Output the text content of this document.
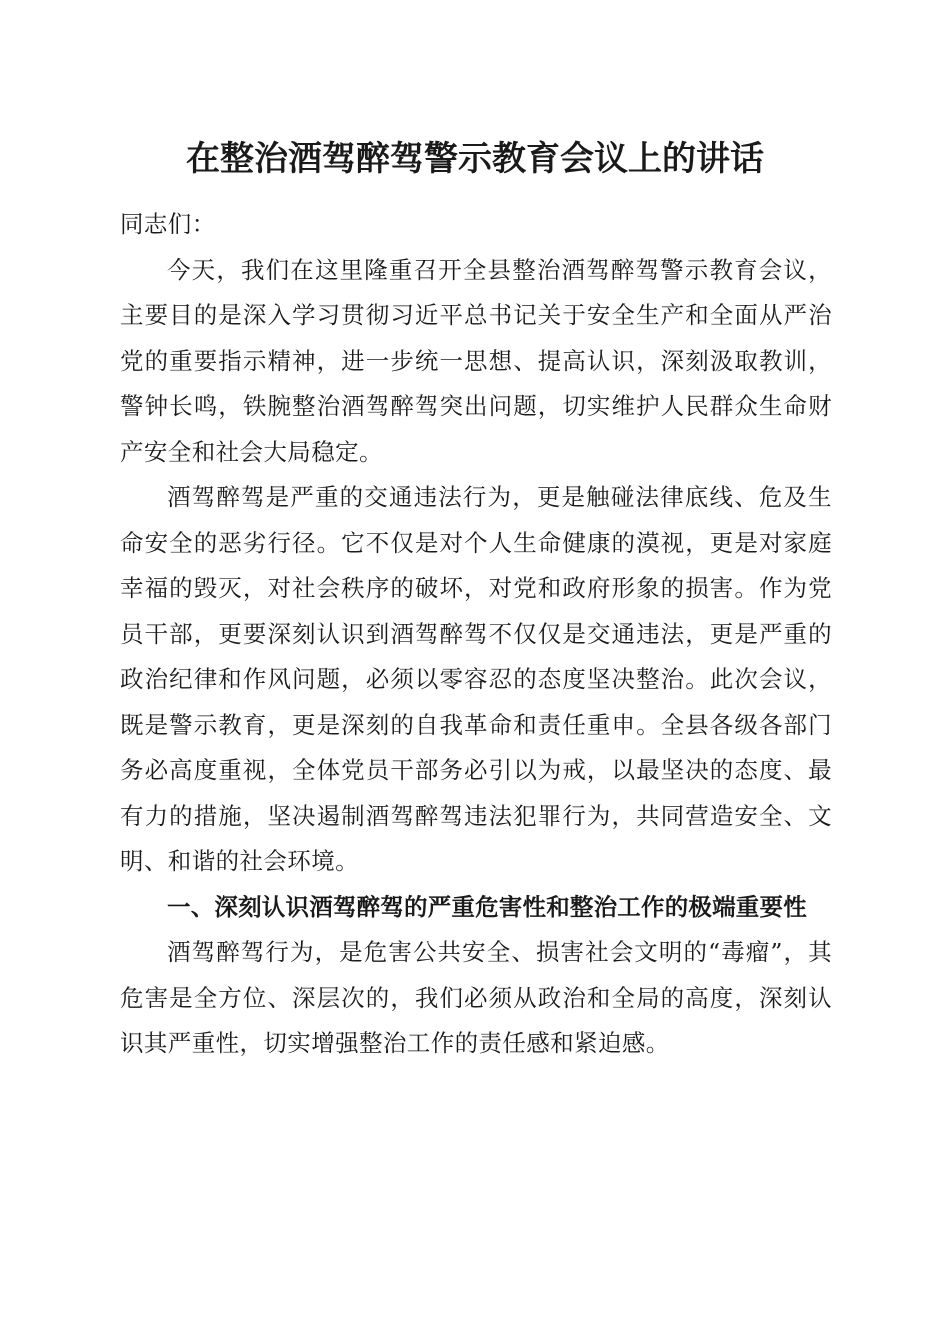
在整治酒驾醉驾警示教育会议上的讲话

同志们：

今天，我们在这里隆重召开全县整治酒驾醉驾警示教育会议，主要目的是深入学习贯彻习近平总书记关于安全生产和全面从严治党的重要指示精神，进一步统一思想、提高认识，深刻汲取教训，警钟长鸣，铁腕整治酒驾醉驾突出问题，切实维护人民群众生命财产安全和社会大局稳定。

酒驾醉驾是严重的交通违法行为，更是触碰法律底线、危及生命安全的恶劣行径。它不仅是对个人生命健康的漠视，更是对家庭幸福的毁灭，对社会秩序的破坏，对党和政府形象的损害。作为党员干部，更要深刻认识到酒驾醉驾不仅仅是交通违法，更是严重的政治纪律和作风问题，必须以零容忍的态度坚决整治。此次会议，既是警示教育，更是深刻的自我革命和责任重申。全县各级各部门务必高度重视，全体党员干部务必引以为戒，以最坚决的态度、最有力的措施，坚决遏制酒驾醉驾违法犯罪行为，共同营造安全、文明、和谐的社会环境。

一、深刻认识酒驾醉驾的严重危害性和整治工作的极端重要性

酒驾醉驾行为，是危害公共安全、损害社会文明的“毒瘤”，其危害是全方位、深层次的，我们必须从政治和全局的高度，深刻认识其严重性，切实增强整治工作的责任感和紧迫感。
